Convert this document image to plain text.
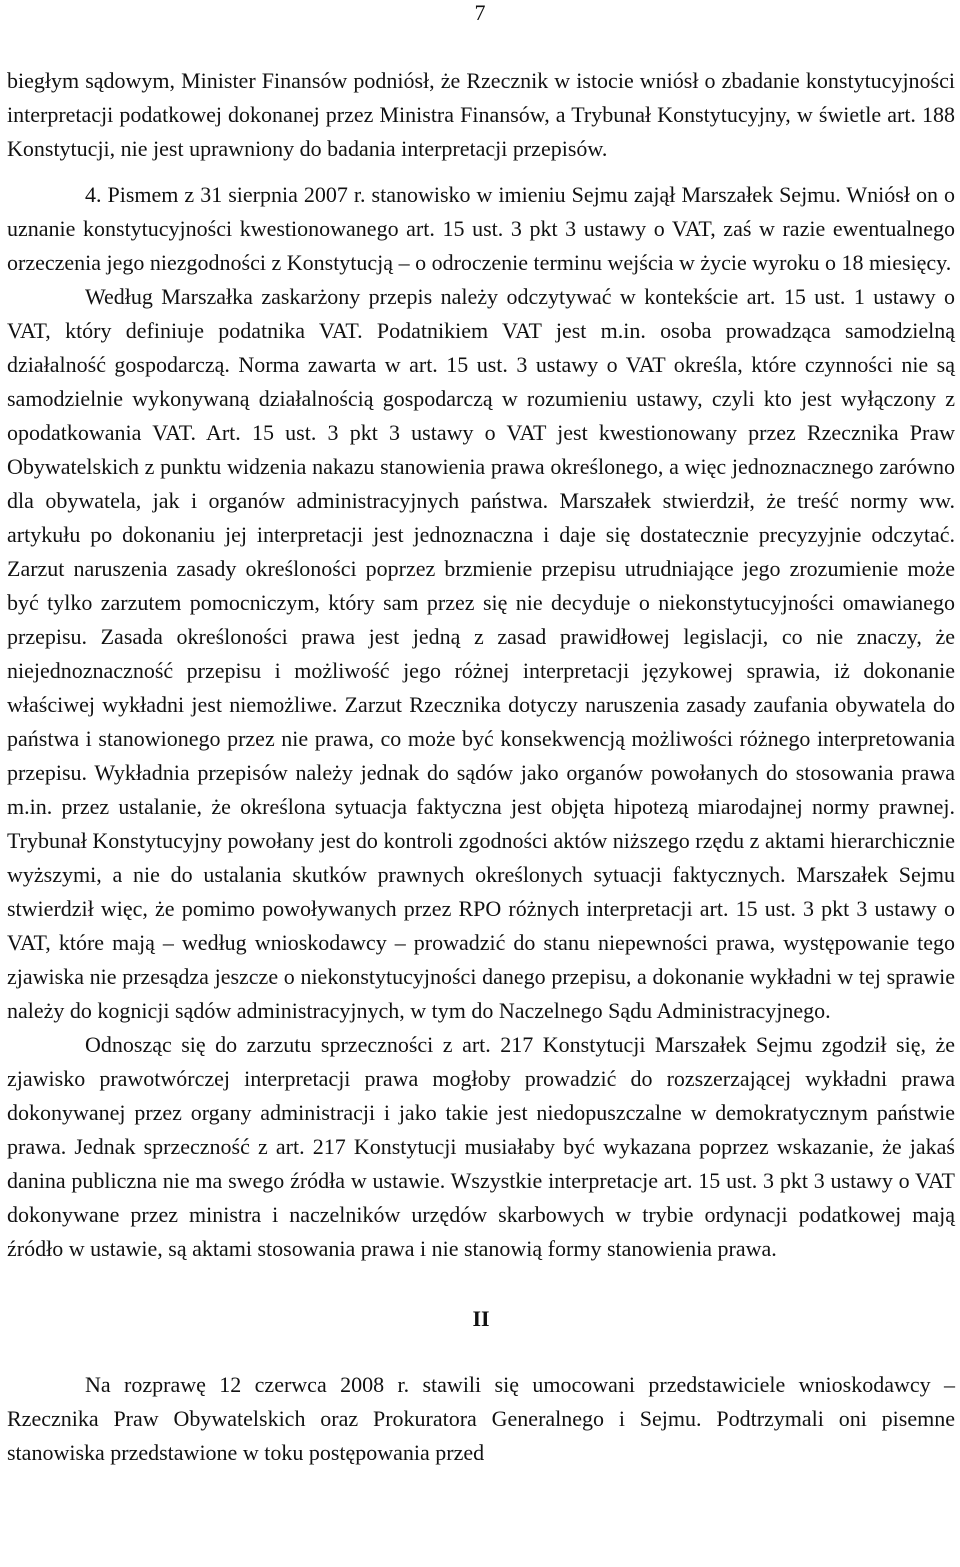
7

biegłym sądowym, Minister Finansów podniósł, że Rzecznik w istocie wniósł o zbadanie konstytucyjności interpretacji podatkowej dokonanej przez Ministra Finansów, a Trybunał Konstytucyjny, w świetle art. 188 Konstytucji, nie jest uprawniony do badania interpretacji przepisów.

4. Pismem z 31 sierpnia 2007 r. stanowisko w imieniu Sejmu zajął Marszałek Sejmu. Wniósł on o uznanie konstytucyjności kwestionowanego art. 15 ust. 3 pkt 3 ustawy o VAT, zaś w razie ewentualnego orzeczenia jego niezgodności z Konstytucją – o odroczenie terminu wejścia w życie wyroku o 18 miesięcy.

Według Marszałka zaskarżony przepis należy odczytywać w kontekście art. 15 ust. 1 ustawy o VAT, który definiuje podatnika VAT. Podatnikiem VAT jest m.in. osoba prowadząca samodzielną działalność gospodarczą. Norma zawarta w art. 15 ust. 3 ustawy o VAT określa, które czynności nie są samodzielnie wykonywaną działalnością gospodarczą w rozumieniu ustawy, czyli kto jest wyłączony z opodatkowania VAT. Art. 15 ust. 3 pkt 3 ustawy o VAT jest kwestionowany przez Rzecznika Praw Obywatelskich z punktu widzenia nakazu stanowienia prawa określonego, a więc jednoznacznego zarówno dla obywatela, jak i organów administracyjnych państwa. Marszałek stwierdził, że treść normy ww. artykułu po dokonaniu jej interpretacji jest jednoznaczna i daje się dostatecznie precyzyjnie odczytać. Zarzut naruszenia zasady określoności poprzez brzmienie przepisu utrudniające jego zrozumienie może być tylko zarzutem pomocniczym, który sam przez się nie decyduje o niekonstytucyjności omawianego przepisu. Zasada określoności prawa jest jedną z zasad prawidłowej legislacji, co nie znaczy, że niejednoznaczność przepisu i możliwość jego różnej interpretacji językowej sprawia, iż dokonanie właściwej wykładni jest niemożliwe. Zarzut Rzecznika dotyczy naruszenia zasady zaufania obywatela do państwa i stanowionego przez nie prawa, co może być konsekwencją możliwości różnego interpretowania przepisu. Wykładnia przepisów należy jednak do sądów jako organów powołanych do stosowania prawa m.in. przez ustalanie, że określona sytuacja faktyczna jest objęta hipotezą miarodajnej normy prawnej. Trybunał Konstytucyjny powołany jest do kontroli zgodności aktów niższego rzędu z aktami hierarchicznie wyższymi, a nie do ustalania skutków prawnych określonych sytuacji faktycznych. Marszałek Sejmu stwierdził więc, że pomimo powoływanych przez RPO różnych interpretacji art. 15 ust. 3 pkt 3 ustawy o VAT, które mają – według wnioskodawcy – prowadzić do stanu niepewności prawa, występowanie tego zjawiska nie przesądza jeszcze o niekonstytucyjności danego przepisu, a dokonanie wykładni w tej sprawie należy do kognicji sądów administracyjnych, w tym do Naczelnego Sądu Administracyjnego.

Odnosząc się do zarzutu sprzeczności z art. 217 Konstytucji Marszałek Sejmu zgodził się, że zjawisko prawotwórczej interpretacji prawa mogłoby prowadzić do rozszerzającej wykładni prawa dokonywanej przez organy administracji i jako takie jest niedopuszczalne w demokratycznym państwie prawa. Jednak sprzeczność z art. 217 Konstytucji musiałaby być wykazana poprzez wskazanie, że jakaś danina publiczna nie ma swego źródła w ustawie. Wszystkie interpretacje art. 15 ust. 3 pkt 3 ustawy o VAT dokonywane przez ministra i naczelników urzędów skarbowych w trybie ordynacji podatkowej mają źródło w ustawie, są aktami stosowania prawa i nie stanowią formy stanowienia prawa.

II

Na rozprawę 12 czerwca 2008 r. stawili się umocowani przedstawiciele wnioskodawcy – Rzecznika Praw Obywatelskich oraz Prokuratora Generalnego i Sejmu. Podtrzymali oni pisemne stanowiska przedstawione w toku postępowania przed
